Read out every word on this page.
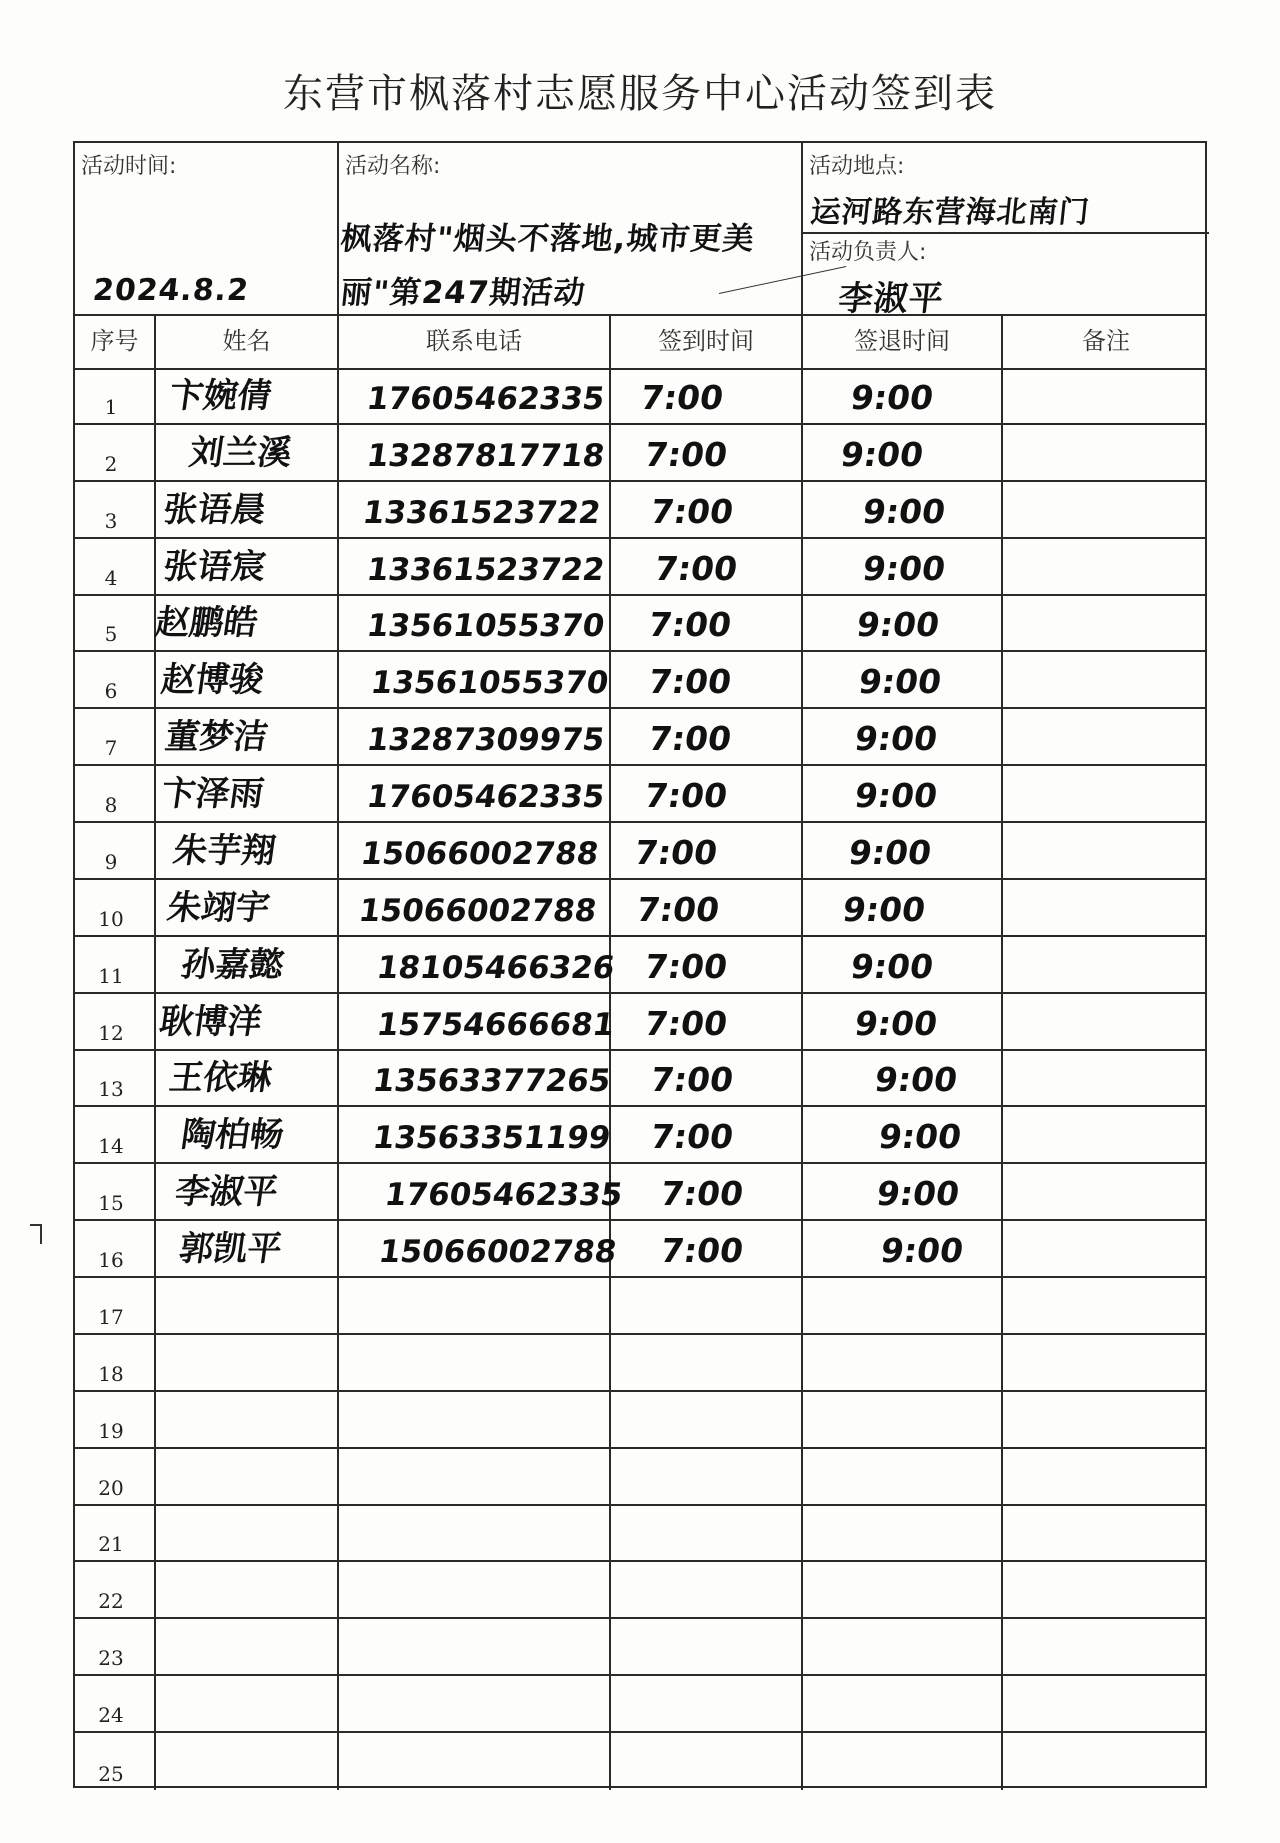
东营市枫落村志愿服务中心活动签到表
活动时间:
2024.8.2
活动名称:
枫落村"烟头不落地,城市更美
丽"第247期活动
活动地点:
运河路东营海北南门
活动负责人:
李淑平
序号	姓名	联系电话	签到时间	签退时间	备注
1	卞婉倩	17605462335 7:00	9:00
2	刘兰溪 13287817718 7:00	9:00
3	张语晨	13361523722 7:00	9:00
4	张语宸	13361523722 7:00	9:00
5	赵鹏皓	13561055370 7:00	9:00
6	赵博骏	13561055370 7:00	9:00
7	董梦洁	13287309975 7:00	9:00
8	卞泽雨	17605462335 7:00	9:00
9	朱芋翔	15066002788 7:00	9:00
10	朱翊宇	15066002788 7:00	9:00
11	孙嘉懿	18105466326 7:00	9:00
12 耿博洋	15754666681 7:00	9:00
13	王依琳	13563377265 7:00	9:00
14	陶柏畅	13563351199 7:00	9:00
15	李淑平	17605462335 7:00	9:00
16	郭凯平	15066002788 7:00	9:00
17
18
19
20
21
22
23
24
25
